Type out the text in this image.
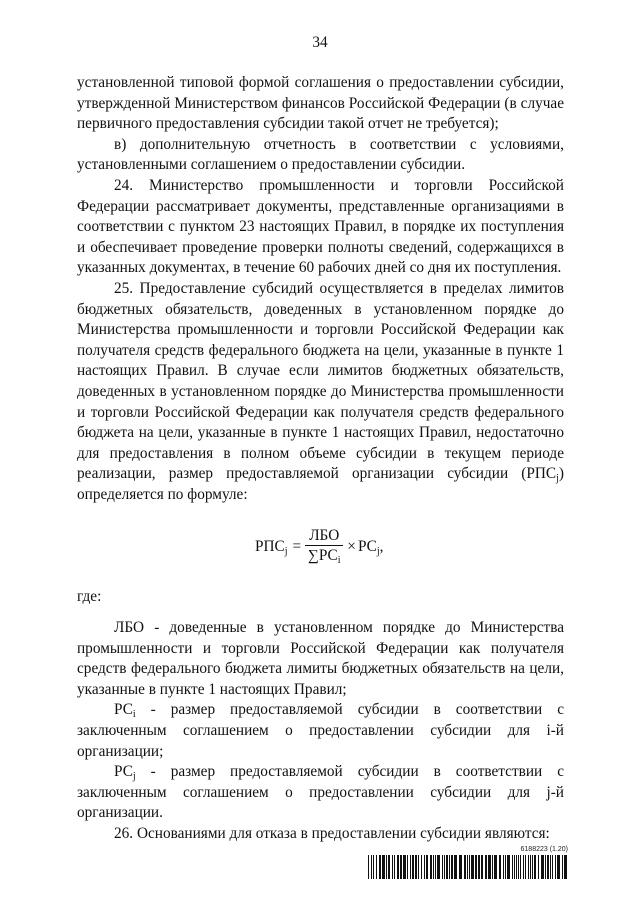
34

установленной типовой формой соглашения о предоставлении субсидии, утвержденной Министерством финансов Российской Федерации (в случае первичного предоставления субсидии такой отчет не требуется);

в) дополнительную отчетность в соответствии с условиями, установленными соглашением о предоставлении субсидии.

24. Министерство промышленности и торговли Российской Федерации рассматривает документы, представленные организациями в соответствии с пунктом 23 настоящих Правил, в порядке их поступления и обеспечивает проведение проверки полноты сведений, содержащихся в указанных документах, в течение 60 рабочих дней со дня их поступления.

25. Предоставление субсидий осуществляется в пределах лимитов бюджетных обязательств, доведенных в установленном порядке до Министерства промышленности и торговли Российской Федерации как получателя средств федерального бюджета на цели, указанные в пункте 1 настоящих Правил. В случае если лимитов бюджетных обязательств, доведенных в установленном порядке до Министерства промышленности и торговли Российской Федерации как получателя средств федерального бюджета на цели, указанные в пункте 1 настоящих Правил, недостаточно для предоставления в полном объеме субсидии в текущем периоде реализации, размер предоставляемой организации субсидии $(РПС_j)$ определяется по формуле:

$РПС_j = \frac{\text{ЛБО}}{\sum РС_i} \times РС_j$,

где:

ЛБО - доведенные в установленном порядке до Министерства промышленности и торговли Российской Федерации как получателя средств федерального бюджета лимиты бюджетных обязательств на цели, указанные в пункте 1 настоящих Правил;

$РС_i$ - размер предоставляемой субсидии в соответствии с заключенным соглашением о предоставлении субсидии для i-й организации;

$РС_j$ - размер предоставляемой субсидии в соответствии с заключенным соглашением о предоставлении субсидии для j-й организации.

26. Основаниями для отказа в предоставлении субсидии являются:

6188223 (1.20)
